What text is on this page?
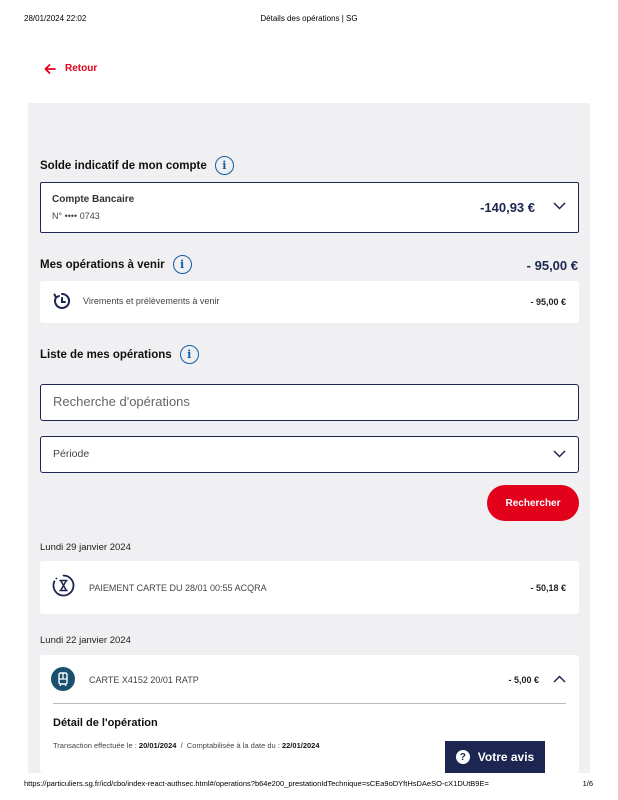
28/01/2024 22:02	Détails des opérations | SG
Retour
Solde indicatif de mon compte	i
Compte Bancaire
N° •••• 0743
-140,93 €
Mes opérations à venir	i	- 95,00 €
Virements et prélèvements à venir	- 95,00 €
Liste de mes opérations	i
Recherche d'opérations
Période
Rechercher
Lundi 29 janvier 2024
PAIEMENT CARTE DU 28/01 00:55 ACQRA	- 50,18 €
Lundi 22 janvier 2024
CARTE X4152 20/01 RATP	- 5,00 €
Détail de l'opération
Transaction effectuée le : 20/01/2024 / Comptabilisée à la date du : 22/01/2024
? Votre avis
https://particuliers.sg.fr/icd/cbo/index-react-authsec.html#/operations?b64e200_prestationIdTechnique=sCEa9oDYftHsDAeSO-cX1DUtB9E=	1/6
